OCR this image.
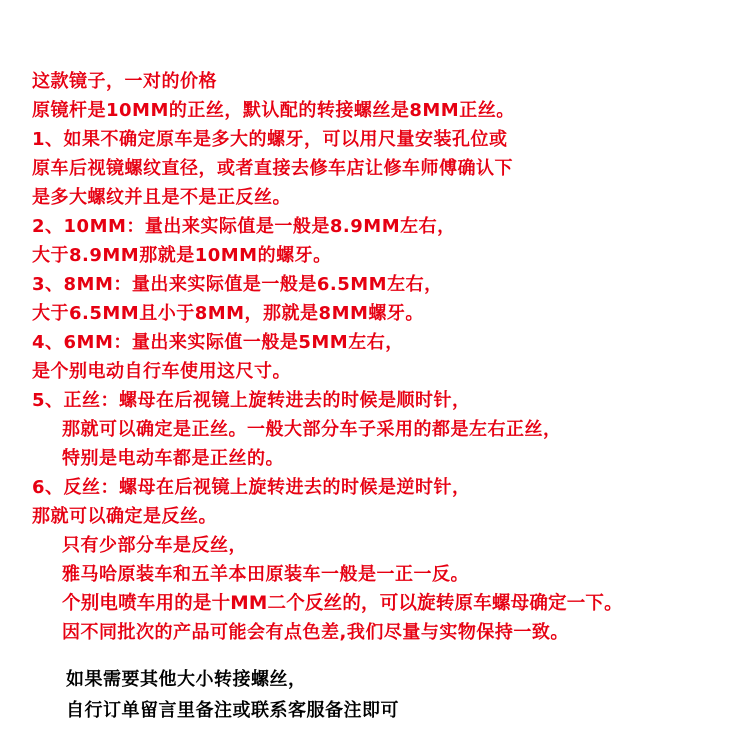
这款镜子，一对的价格
原镜杆是10MM的正丝，默认配的转接螺丝是8MM正丝。
1、如果不确定原车是多大的螺牙，可以用尺量安装孔位或
原车后视镜螺纹直径，或者直接去修车店让修车师傅确认下
是多大螺纹并且是不是正反丝。
2、10MM：量出来实际值是一般是8.9MM左右，
大于8.9MM那就是10MM的螺牙。
3、8MM：量出来实际值是一般是6.5MM左右，
大于6.5MM且小于8MM，那就是8MM螺牙。
4、6MM：量出来实际值一般是5MM左右，
是个别电动自行车使用这尺寸。
5、正丝：螺母在后视镜上旋转进去的时候是顺时针，
那就可以确定是正丝。一般大部分车子采用的都是左右正丝，
特别是电动车都是正丝的。
6、反丝：螺母在后视镜上旋转进去的时候是逆时针，
那就可以确定是反丝。
只有少部分车是反丝，
雅马哈原装车和五羊本田原装车一般是一正一反。
个别电喷车用的是十MM二个反丝的，可以旋转原车螺母确定一下。
因不同批次的产品可能会有点色差,我们尽量与实物保持一致。
如果需要其他大小转接螺丝，
自行订单留言里备注或联系客服备注即可
